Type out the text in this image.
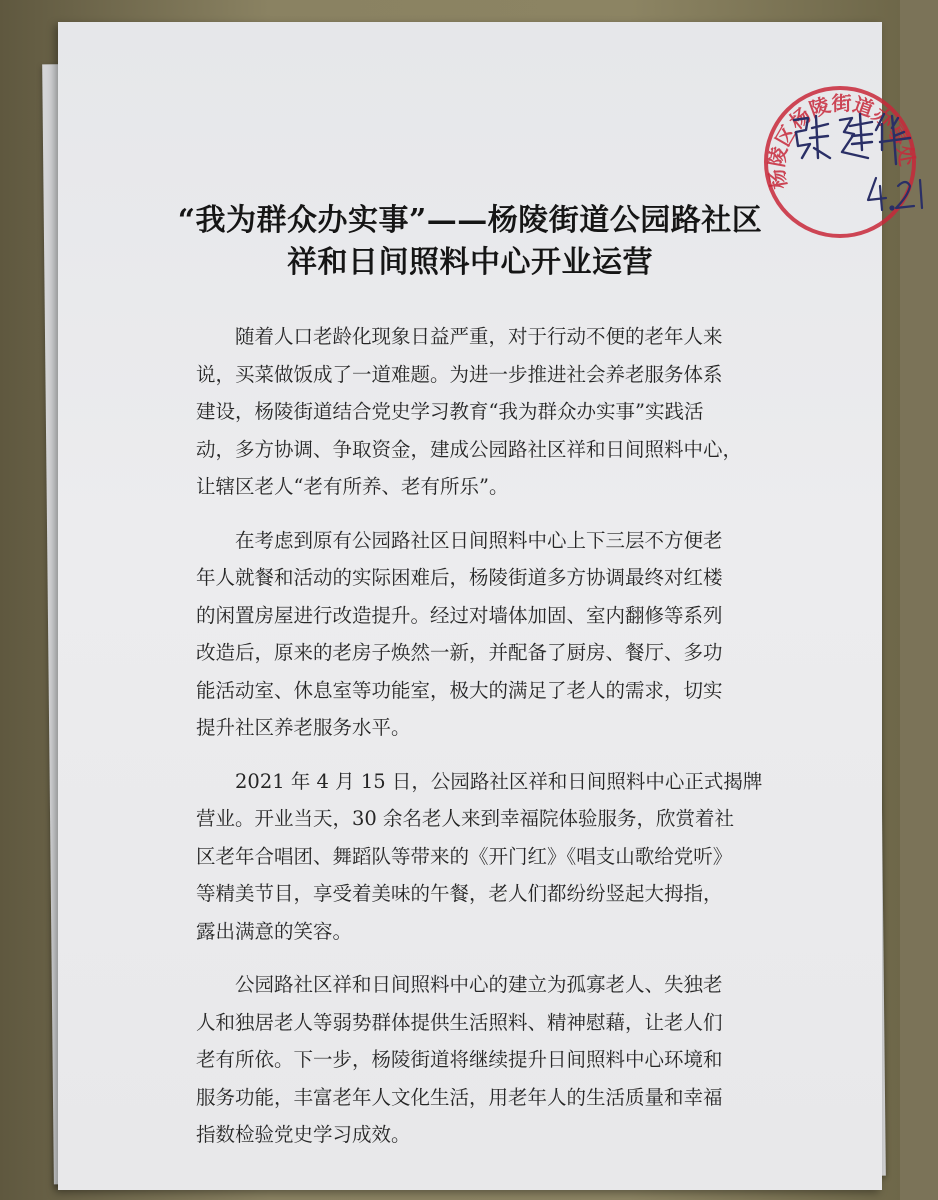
“我为群众办实事”——杨陵街道公园路社区
祥和日间照料中心开业运营
随着人口老龄化现象日益严重，对于行动不便的老年人来
说，买菜做饭成了一道难题。为进一步推进社会养老服务体系
建设，杨陵街道结合党史学习教育“我为群众办实事”实践活
动，多方协调、争取资金，建成公园路社区祥和日间照料中心，
让辖区老人“老有所养、老有所乐”。
在考虑到原有公园路社区日间照料中心上下三层不方便老
年人就餐和活动的实际困难后，杨陵街道多方协调最终对红楼
的闲置房屋进行改造提升。经过对墙体加固、室内翻修等系列
改造后，原来的老房子焕然一新，并配备了厨房、餐厅、多功
能活动室、休息室等功能室，极大的满足了老人的需求，切实
提升社区养老服务水平。
2021 年 4 月 15 日，公园路社区祥和日间照料中心正式揭牌
营业。开业当天，30 余名老人来到幸福院体验服务，欣赏着社
区老年合唱团、舞蹈队等带来的《开门红》《唱支山歌给党听》
等精美节目，享受着美味的午餐，老人们都纷纷竖起大拇指，
露出满意的笑容。
公园路社区祥和日间照料中心的建立为孤寡老人、失独老
人和独居老人等弱势群体提供生活照料、精神慰藉，让老人们
老有所依。下一步，杨陵街道将继续提升日间照料中心环境和
服务功能，丰富老年人文化生活，用老年人的生活质量和幸福
指数检验党史学习成效。
杨陵区杨陵街道办事处
